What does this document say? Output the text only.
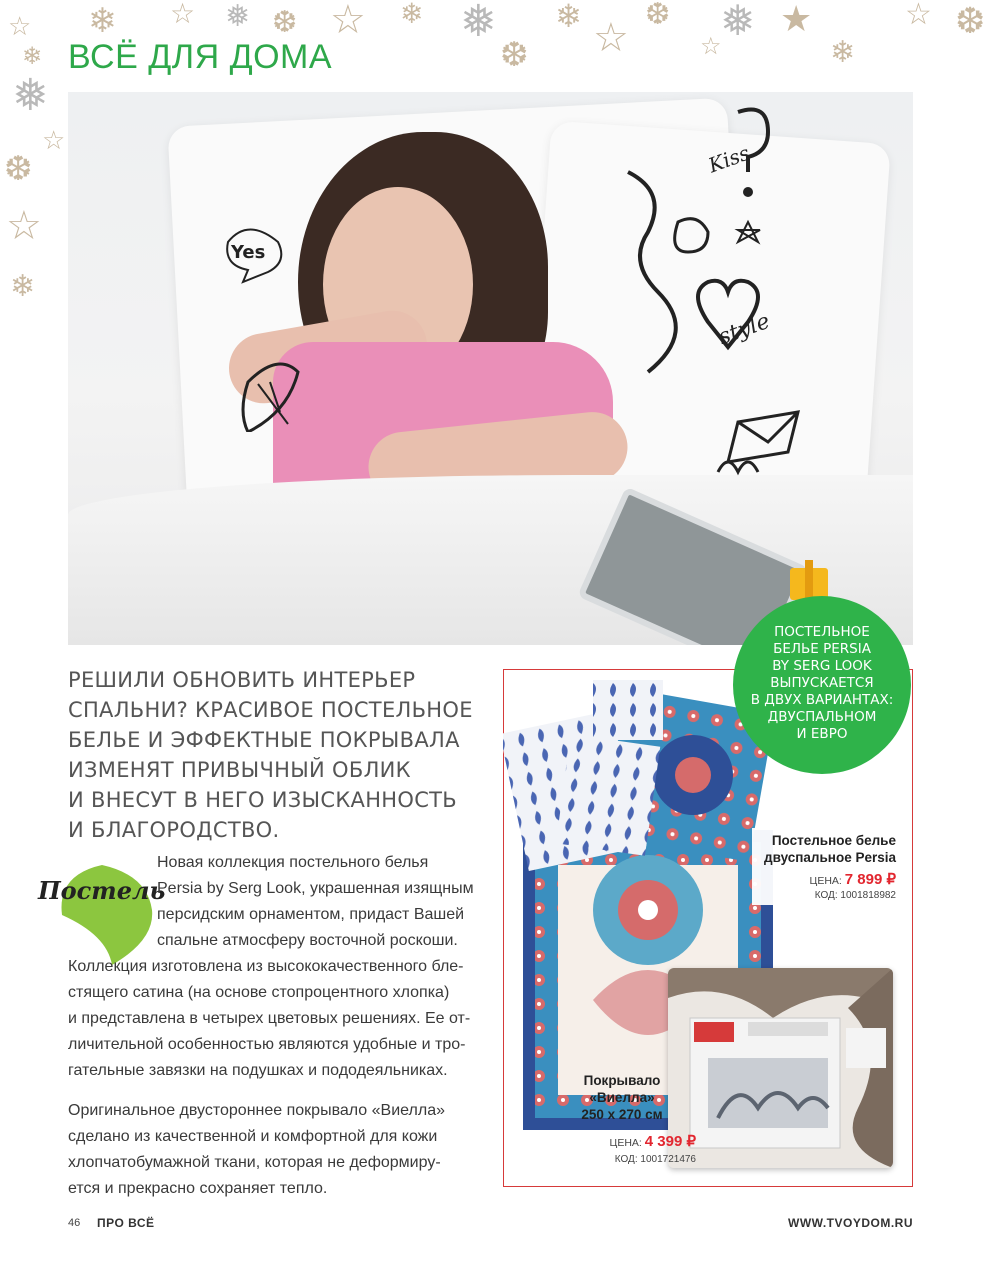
❄ ☆ ❅ ❆ ☆ ❄ ❅
❆
❄ ☆
❆
☆
❅ ★
❄
☆ ❆
☆
❄
❅
☆
❆
☆
❄
ВСЁ ДЛЯ ДОМА
Yes
Kiss
style
РЕШИЛИ ОБНОВИТЬ ИНТЕРЬЕР
СПАЛЬНИ? КРАСИВОЕ ПОСТЕЛЬНОЕ
БЕЛЬЕ И ЭФФЕКТНЫЕ ПОКРЫВАЛА
ИЗМЕНЯТ ПРИВЫЧНЫЙ ОБЛИК
И ВНЕСУТ В НЕГО ИЗЫСКАННОСТЬ
И БЛАГОРОДСТВО.
Постель
Новая коллекция постельного белья
Persia by Serg Look, украшенная изящным
персидским орнаментом, придаст Вашей
спальне атмосферу восточной роскоши.
Коллекция изготовлена из высококачественного бле-
стящего сатина (на основе стопроцентного хлопка)
и представлена в четырех цветовых решениях. Ее от-
личительной особенностью являются удобные и тро-
гательные завязки на подушках и пододеяльниках.
Оригинальное двустороннее покрывало «Виелла»
сделано из качественной и комфортной для кожи
хлопчатобумажной ткани, которая не деформиру-
ется и прекрасно сохраняет тепло.
ПОСТЕЛЬНОЕ
БЕЛЬЕ PERSIA
BY SERG LOOK
ВЫПУСКАЕТСЯ
В ДВУХ ВАРИАНТАХ:
ДВУСПАЛЬНОМ
И ЕВРО
Постельное белье
двуспальное Persia
ЦЕНА: 7 899 ₽
КОД: 1001818982
Покрывало
«Виелла»
250 x 270 см
ЦЕНА: 4 399 ₽
КОД: 1001721476
46 ПРО ВСЁ	WWW.TVOYDOM.RU
